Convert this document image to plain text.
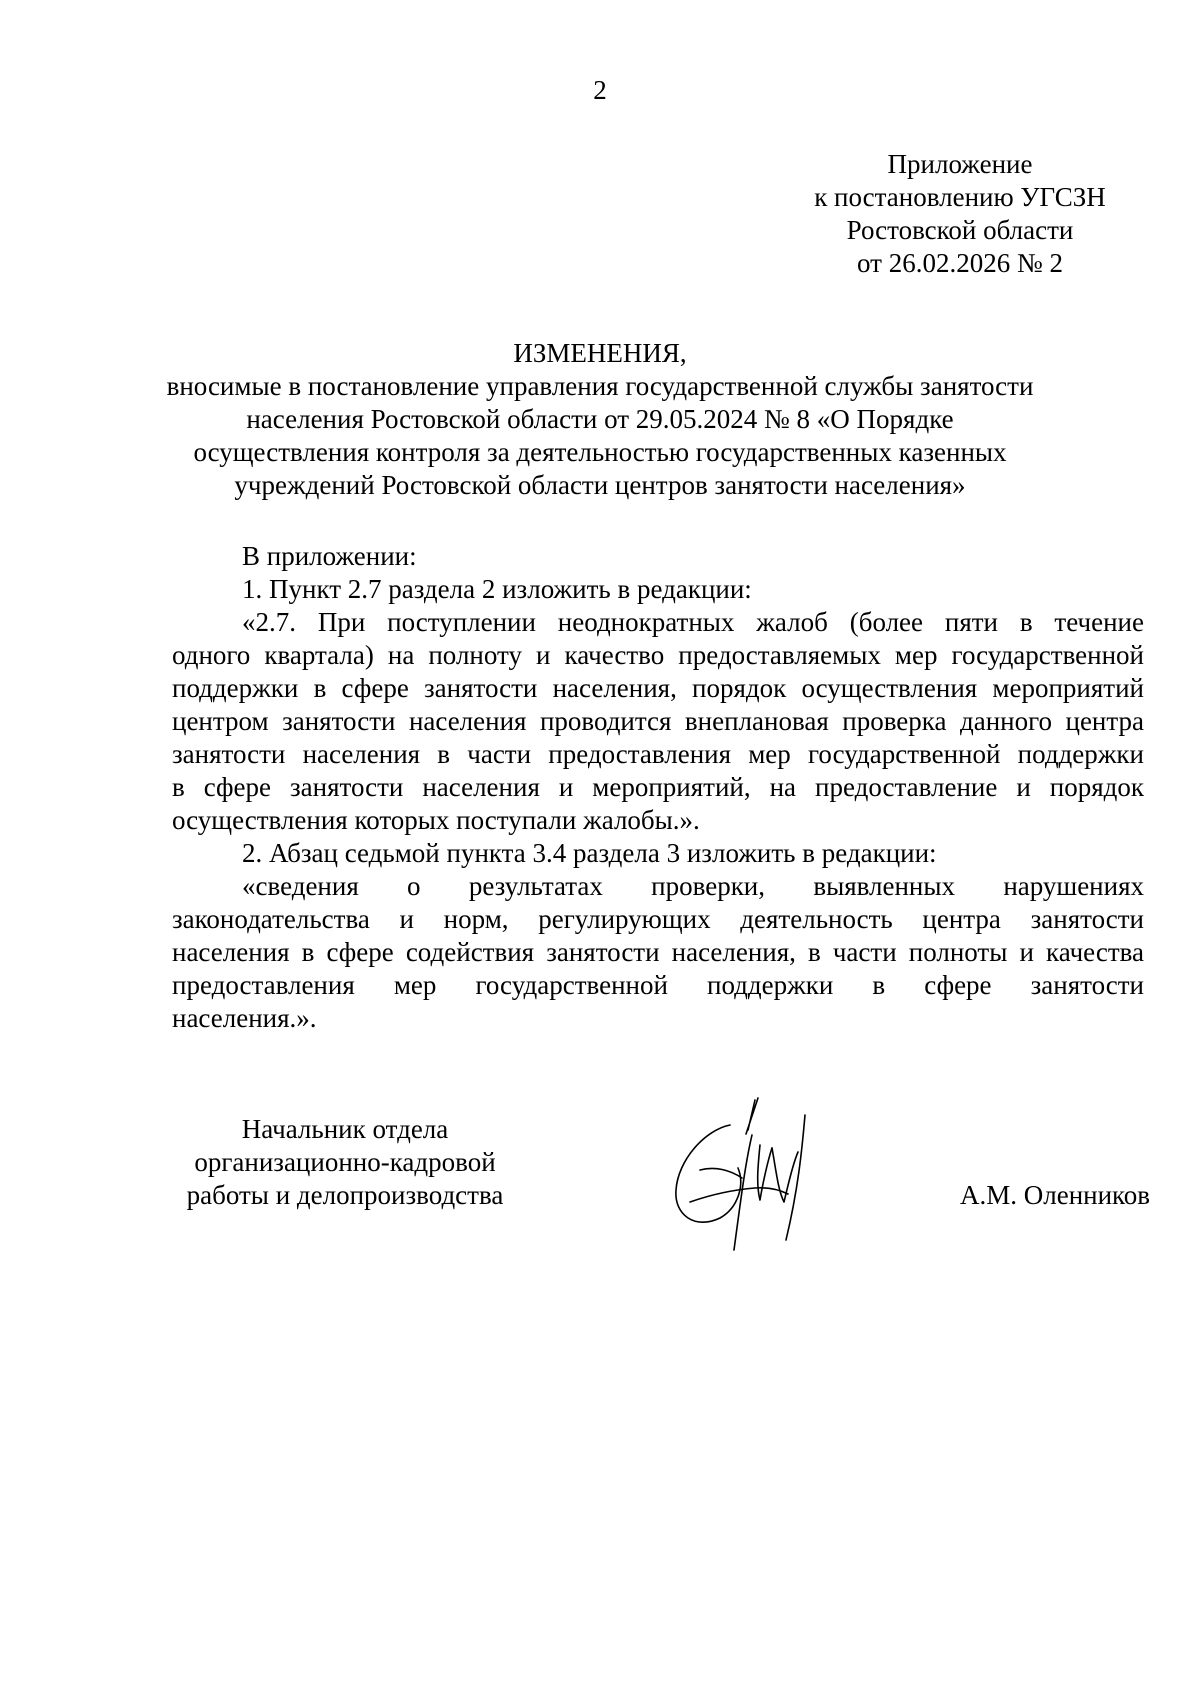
2
Приложение
к постановлению УГСЗН
Ростовской области
от 26.02.2026 № 2
ИЗМЕНЕНИЯ,
вносимые в постановление управления государственной службы занятости
населения Ростовской области от 29.05.2024 № 8 «О Порядке
осуществления контроля за деятельностью государственных казенных
учреждений Ростовской области центров занятости населения»
В приложении:
1. Пункт 2.7 раздела 2 изложить в редакции:
«2.7. При поступлении неоднократных жалоб (более пяти в течение
одного квартала) на полноту и качество предоставляемых мер государственной
поддержки в сфере занятости населения, порядок осуществления мероприятий
центром занятости населения проводится внеплановая проверка данного центра
занятости населения в части предоставления мер государственной поддержки
в сфере занятости населения и мероприятий, на предоставление и порядок
осуществления которых поступали жалобы.».
2. Абзац седьмой пункта 3.4 раздела 3 изложить в редакции:
«сведения о результатах проверки, выявленных нарушениях
законодательства и норм, регулирующих деятельность центра занятости
населения в сфере содействия занятости населения, в части полноты и качества
предоставления мер государственной поддержки в сфере занятости
населения.».
Начальник отдела
организационно-кадровой
работы и делопроизводства	А.М. Оленников
